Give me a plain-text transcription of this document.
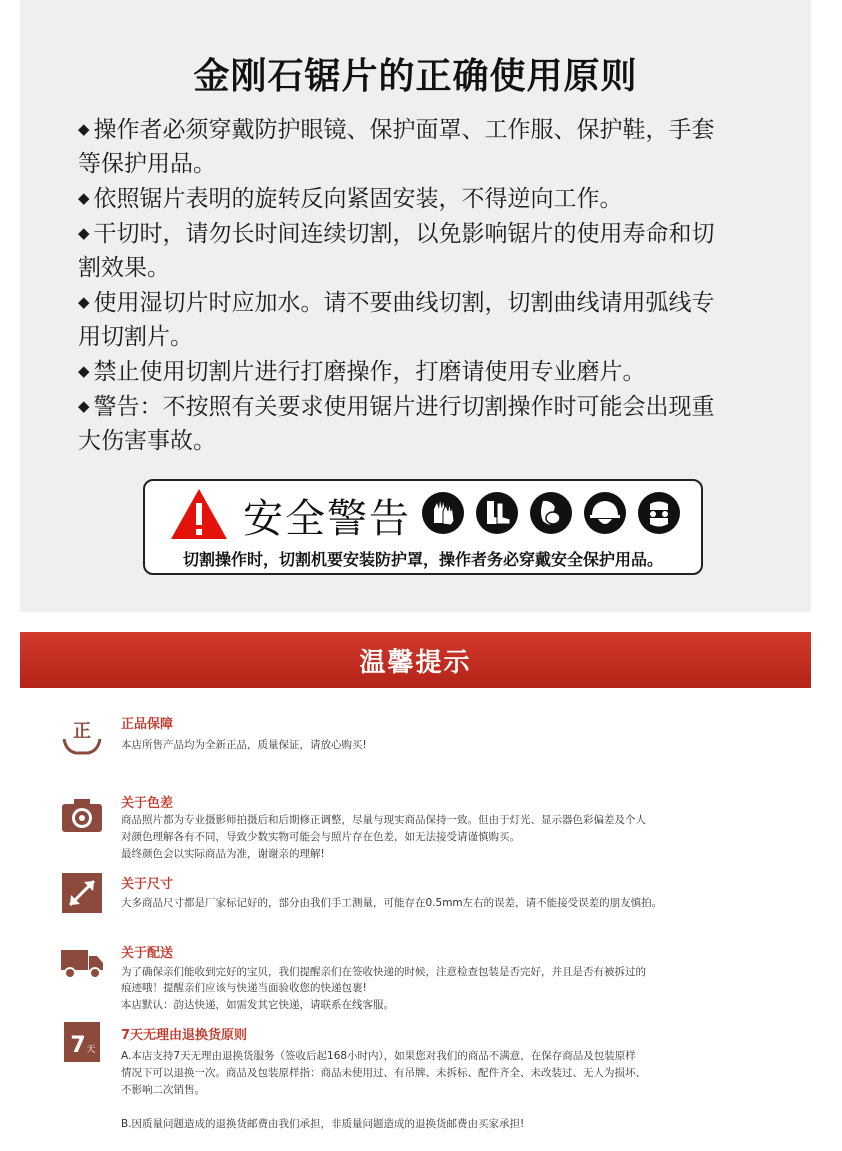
金刚石锯片的正确使用原则
◆ 操作者必须穿戴防护眼镜、保护面罩、工作服、保护鞋，手套
等保护用品。
◆ 依照锯片表明的旋转反向紧固安装，不得逆向工作。
◆ 干切时，请勿长时间连续切割，以免影响锯片的使用寿命和切
割效果。
◆ 使用湿切片时应加水。请不要曲线切割，切割曲线请用弧线专
用切割片。
◆ 禁止使用切割片进行打磨操作，打磨请使用专业磨片。
◆ 警告：不按照有关要求使用锯片进行切割操作时可能会出现重
大伤害事故。
安全警告
切割操作时，切割机要安装防护罩，操作者务必穿戴安全保护用品。
温馨提示
正 正品保障
本店所售产品均为全新正品，质量保证，请放心购买!
关于色差
商品照片都为专业摄影师拍摄后和后期修正调整，尽量与现实商品保持一致。但由于灯光、显示器色彩偏差及个人
对颜色理解各有不同，导致少数实物可能会与照片存在色差，如无法接受请谨慎购买。
最终颜色会以实际商品为准，谢谢亲的理解!
关于尺寸
大多商品尺寸都是厂家标记好的，部分由我们手工测量，可能存在0.5mm左右的误差，请不能接受误差的朋友慎拍。
关于配送
为了确保亲们能收到完好的宝贝，我们提醒亲们在签收快递的时候，注意检查包装是否完好，并且是否有被拆过的
痕迹哦！提醒亲们应该与快递当面验收您的快递包裹!
本店默认：韵达快递，如需发其它快递，请联系在线客服。
7 天
7天无理由退换货原则
A.本店支持7天无理由退换货服务（签收后起168小时内），如果您对我们的商品不满意，在保存商品及包装原样
情况下可以退换一次。商品及包装原样指：商品未使用过、有吊牌、未拆标、配件齐全、未改装过、无人为损坏、
不影响二次销售。
B.因质量问题造成的退换货邮费由我们承担，非质量问题造成的退换货邮费由买家承担!
